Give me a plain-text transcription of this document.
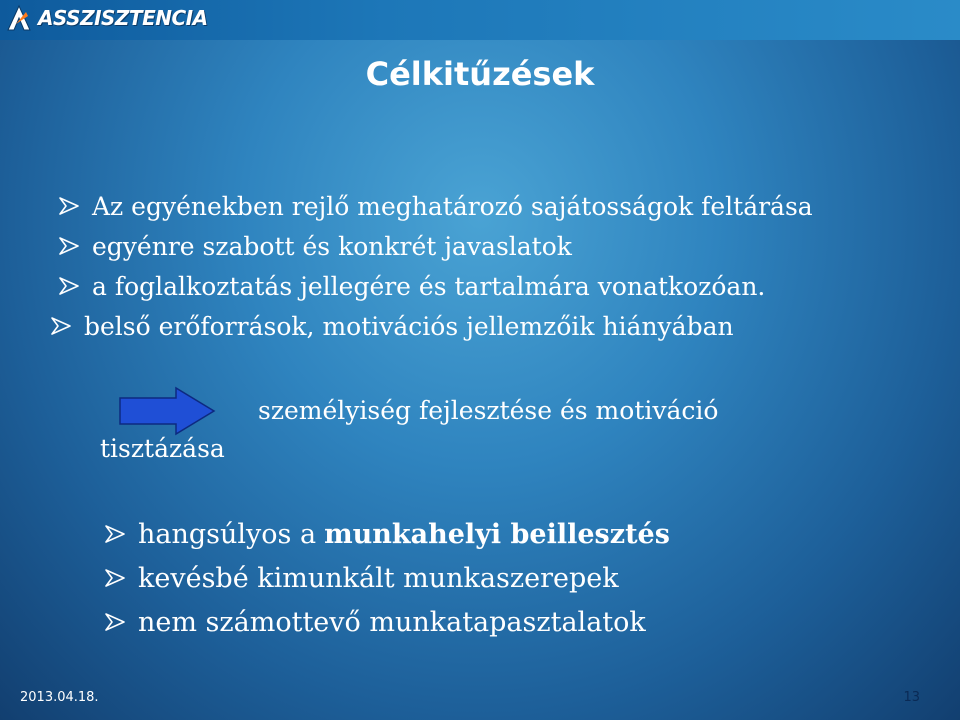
ASSZISZTENCIA
Célkitűzések
Az egyénekben rejlő meghatározó sajátosságok feltárása
egyénre szabott és konkrét javaslatok
a foglalkoztatás jellegére és tartalmára vonatkozóan.
belső erőforrások, motivációs jellemzőik hiányában
személyiség fejlesztése és motiváció
tisztázása
hangsúlyos a munkahelyi beillesztés
kevésbé kimunkált munkaszerepek
nem számottevő munkatapasztalatok
2013.04.18.	13
